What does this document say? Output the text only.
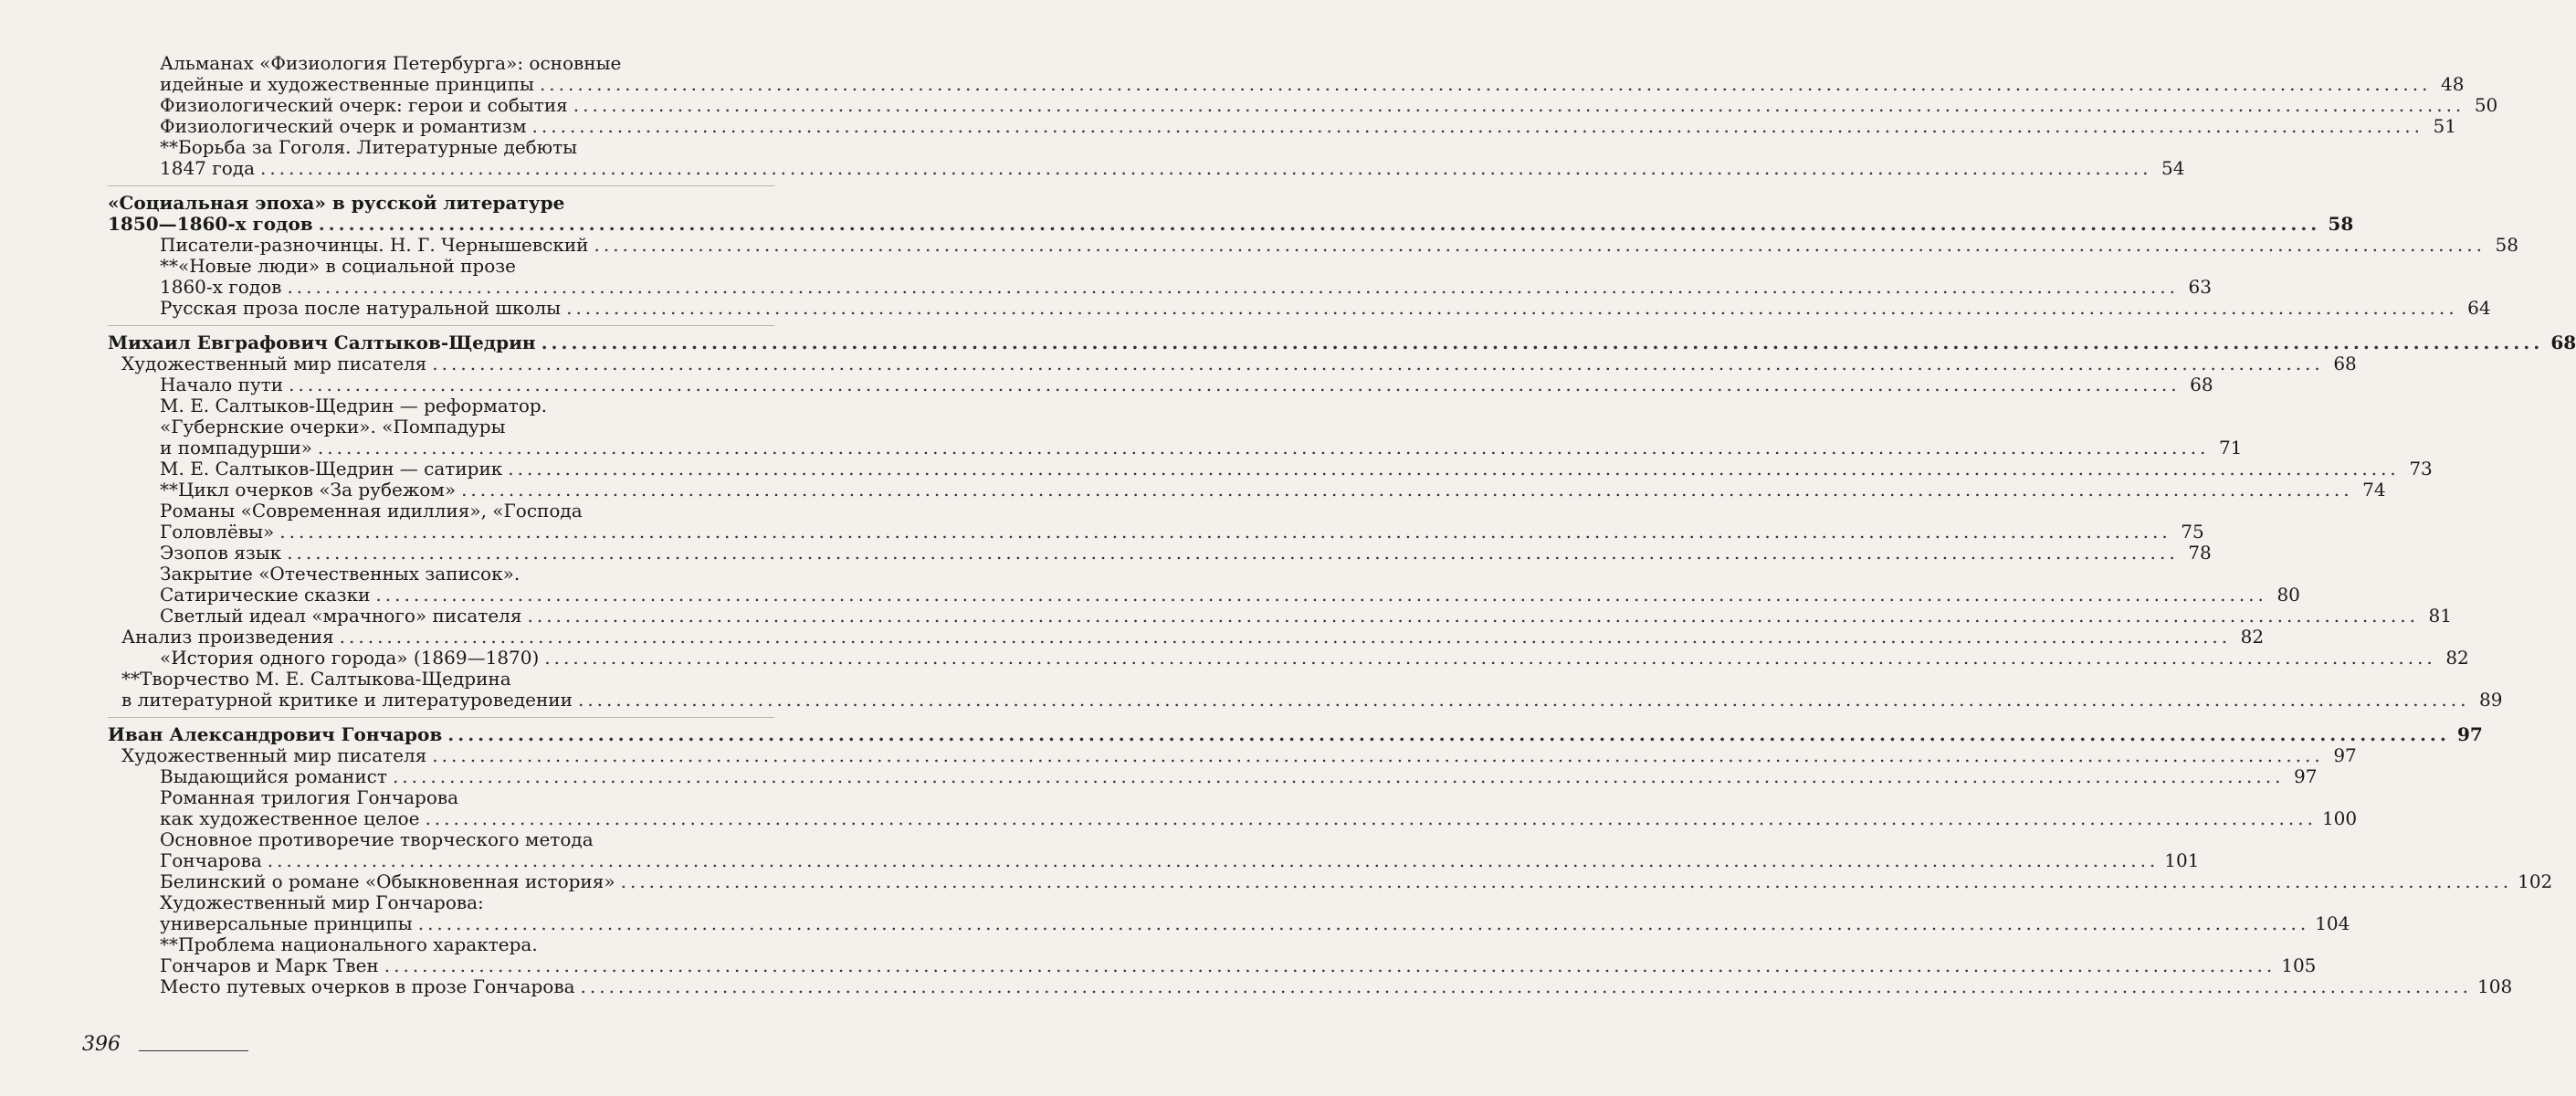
Альманах «Физиология Петербурга»: основные
идейные и художественные принципы ........................................................................................................................................................................................................ 48
Физиологический очерк: герои и события ........................................................................................................................................................................................................ 50
Физиологический очерк и романтизм ........................................................................................................................................................................................................ 51
**Борьба за Гоголя. Литературные дебюты
1847 года ........................................................................................................................................................................................................ 54
«Социальная эпоха» в русской литературе
1850—1860-х годов ........................................................................................................................................................................................................ 58
Писатели-разночинцы. Н. Г. Чернышевский ........................................................................................................................................................................................................ 58
**«Новые люди» в социальной прозе
1860-х годов ........................................................................................................................................................................................................ 63
Русская проза после натуральной школы ........................................................................................................................................................................................................ 64
Михаил Евграфович Салтыков-Щедрин ........................................................................................................................................................................................................ 68
Художественный мир писателя ........................................................................................................................................................................................................ 68
Начало пути ........................................................................................................................................................................................................ 68
М. Е. Салтыков-Щедрин — реформатор.
«Губернские очерки». «Помпадуры
и помпадурши» ........................................................................................................................................................................................................ 71
М. Е. Салтыков-Щедрин — сатирик ........................................................................................................................................................................................................ 73
**Цикл очерков «За рубежом» ........................................................................................................................................................................................................ 74
Романы «Современная идиллия», «Господа
Головлёвы» ........................................................................................................................................................................................................ 75
Эзопов язык ........................................................................................................................................................................................................ 78
Закрытие «Отечественных записок».
Сатирические сказки ........................................................................................................................................................................................................ 80
Светлый идеал «мрачного» писателя ........................................................................................................................................................................................................ 81
Анализ произведения ........................................................................................................................................................................................................ 82
«История одного города» (1869—1870) ........................................................................................................................................................................................................ 82
**Творчество М. Е. Салтыкова-Щедрина
в литературной критике и литературоведении ........................................................................................................................................................................................................ 89
Иван Александрович Гончаров ........................................................................................................................................................................................................ 97
Художественный мир писателя ........................................................................................................................................................................................................ 97
Выдающийся романист ........................................................................................................................................................................................................ 97
Романная трилогия Гончарова
как художественное целое ........................................................................................................................................................................................................ 100
Основное противоречие творческого метода
Гончарова ........................................................................................................................................................................................................ 101
Белинский о романе «Обыкновенная история» ........................................................................................................................................................................................................ 102
Художественный мир Гончарова:
универсальные принципы ........................................................................................................................................................................................................ 104
**Проблема национального характера.
Гончаров и Марк Твен ........................................................................................................................................................................................................ 105
Место путевых очерков в прозе Гончарова ........................................................................................................................................................................................................ 108
396
